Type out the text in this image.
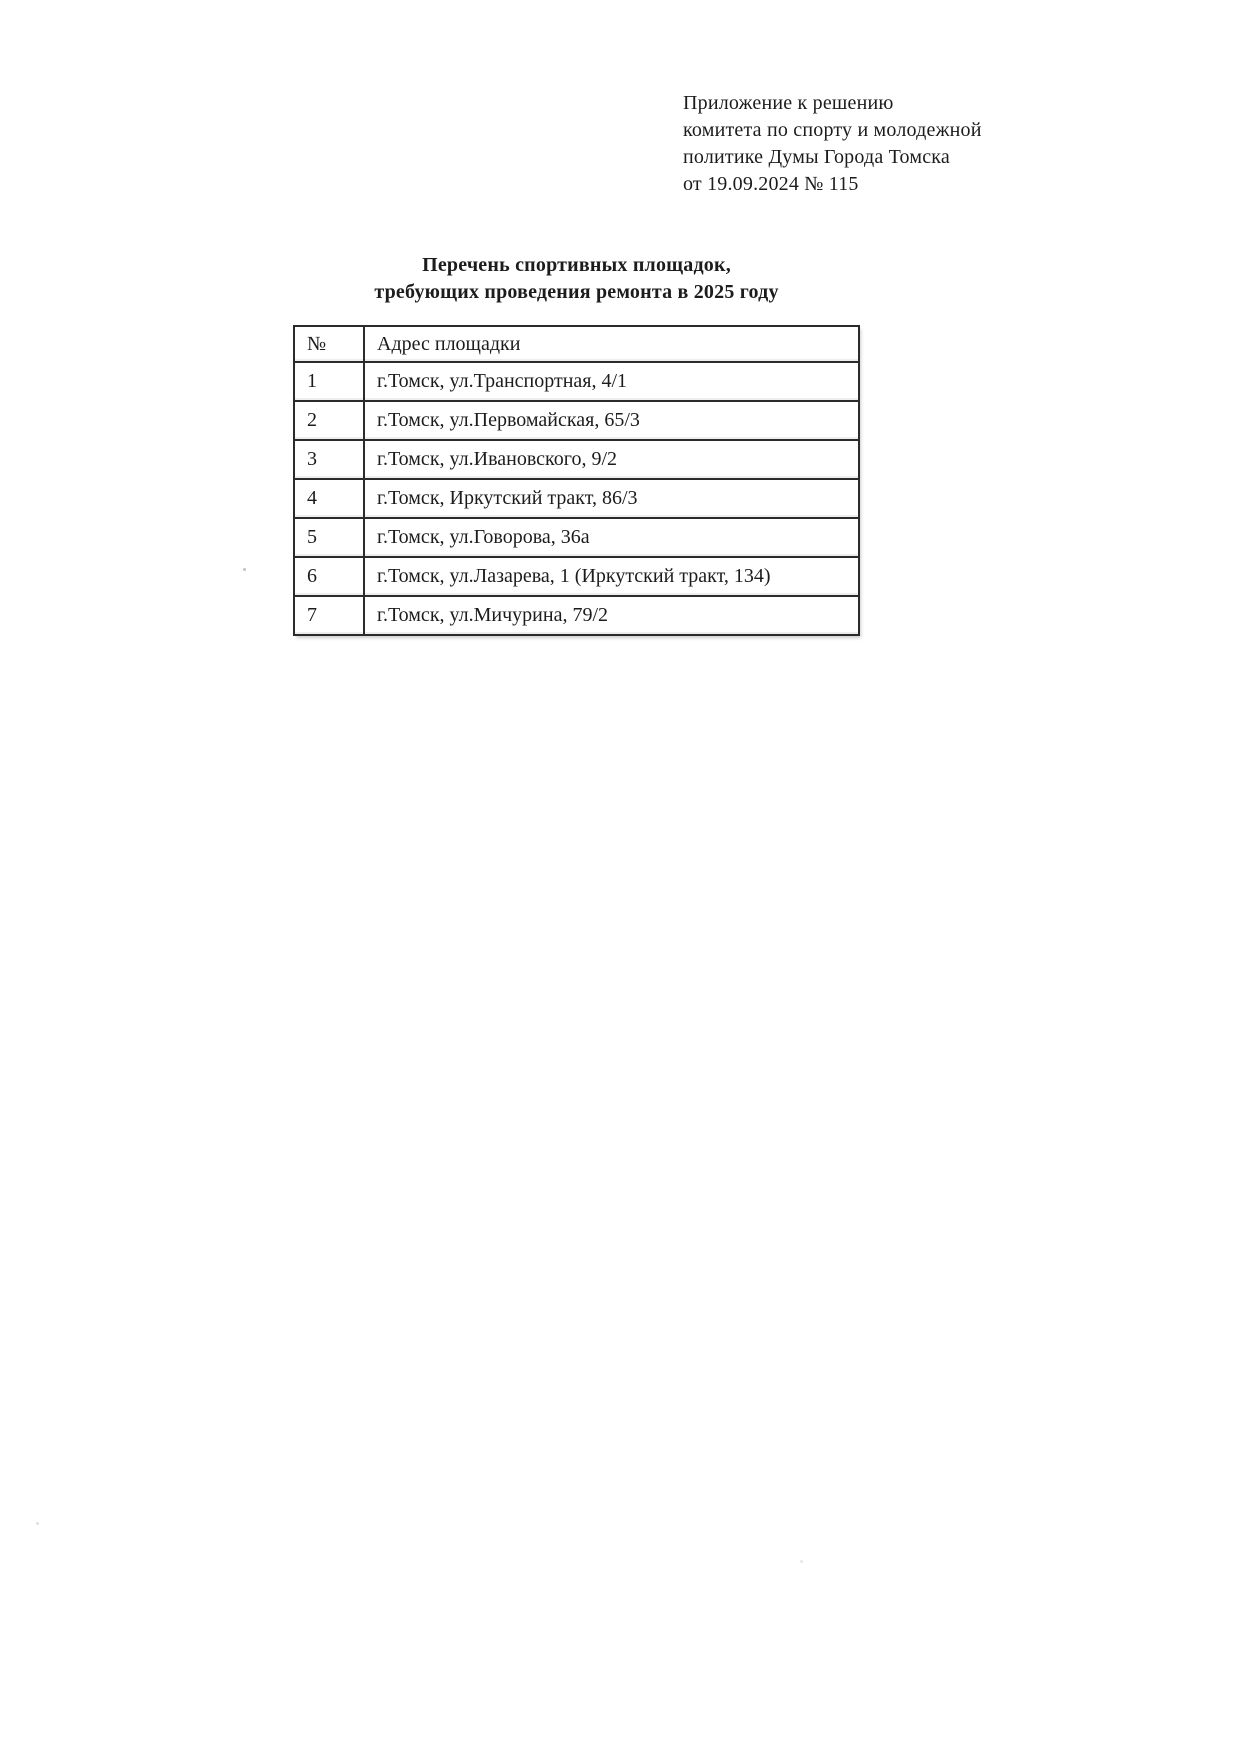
Приложение к решению
комитета по спорту и молодежной
политике Думы Города Томска
от 19.09.2024 № 115
Перечень спортивных площадок,
требующих проведения ремонта в 2025 году
№	Адрес площадки
1	г.Томск, ул.Транспортная, 4/1
2	г.Томск, ул.Первомайская, 65/3
3	г.Томск, ул.Ивановского, 9/2
4	г.Томск, Иркутский тракт, 86/3
5	г.Томск, ул.Говорова, 36а
6	г.Томск, ул.Лазарева, 1 (Иркутский тракт, 134)
7	г.Томск, ул.Мичурина, 79/2
